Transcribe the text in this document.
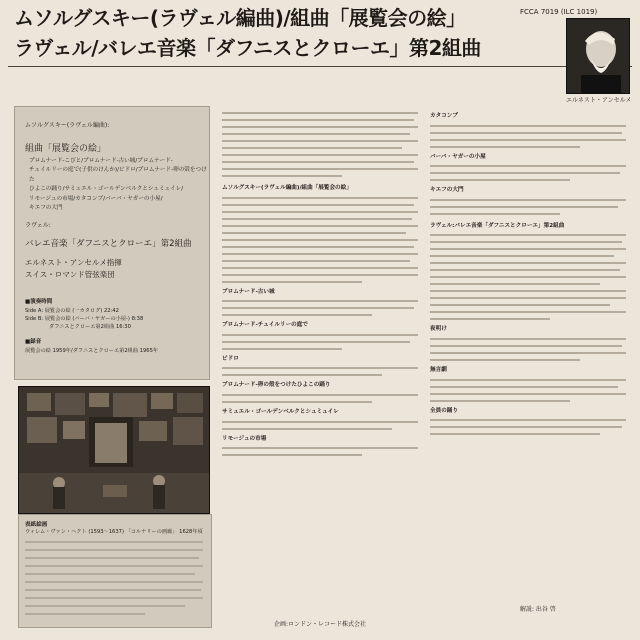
ムソルグスキー(ラヴェル編曲)/組曲「展覧会の絵」
ラヴェル/バレエ音楽「ダフニスとクローエ」第2組曲
FCCA 7019 (ILC 1019)
エルネスト・アンセルメ
ムソルグスキー(ラヴェル編曲):
組曲「展覧会の絵」
プロムナード-こびと/プロムナード-古い城/プロムナード-
チュイルリーの庭で(子供のけんか)/ビドロ/プロムナード-卵の殻をつけた
ひよこの踊り/サミュエル・ゴールデンベルクとシュミュイレ/
リモージュの市場/カタコンブ/バーバ・ヤガーの小屋/
キエフの大門
ラヴェル:
バレエ音楽「ダフニスとクローエ」第2組曲
エルネスト・アンセルメ指揮
スイス・ロマンド管弦楽団
■演奏時間
Side A: 展覧会の絵 (一カタログ) 22:42
Side B: 展覧会の絵 (バーバ・ヤガーの小屋-) 8:38
ダフニスとクローエ第2組曲 16:30
■録音
展覧会の絵 1959年/ダフニスとクローエ第2組曲 1965年
表紙絵画
ウィレム・ヴァン・ヘクト (1593〜1637) 「コルナリーの画廊」 1628年頃
ムソルグスキー(ラヴェル編曲)/組曲「展覧会の絵」
プロムナード-古い城
プロムナード-チュイルリーの庭で
ビドロ
プロムナード-卵の殻をつけたひよこの踊り
サミュエル・ゴールデンベルクとシュミュイレ
リモージュの市場
カタコンブ
バーバ・ヤガーの小屋
キエフの大門
ラヴェル:バレエ音楽「ダフニスとクローエ」第2組曲
夜明け
無言劇
全員の踊り
解説: 出谷 啓
企画:ロンドン・レコード株式会社
